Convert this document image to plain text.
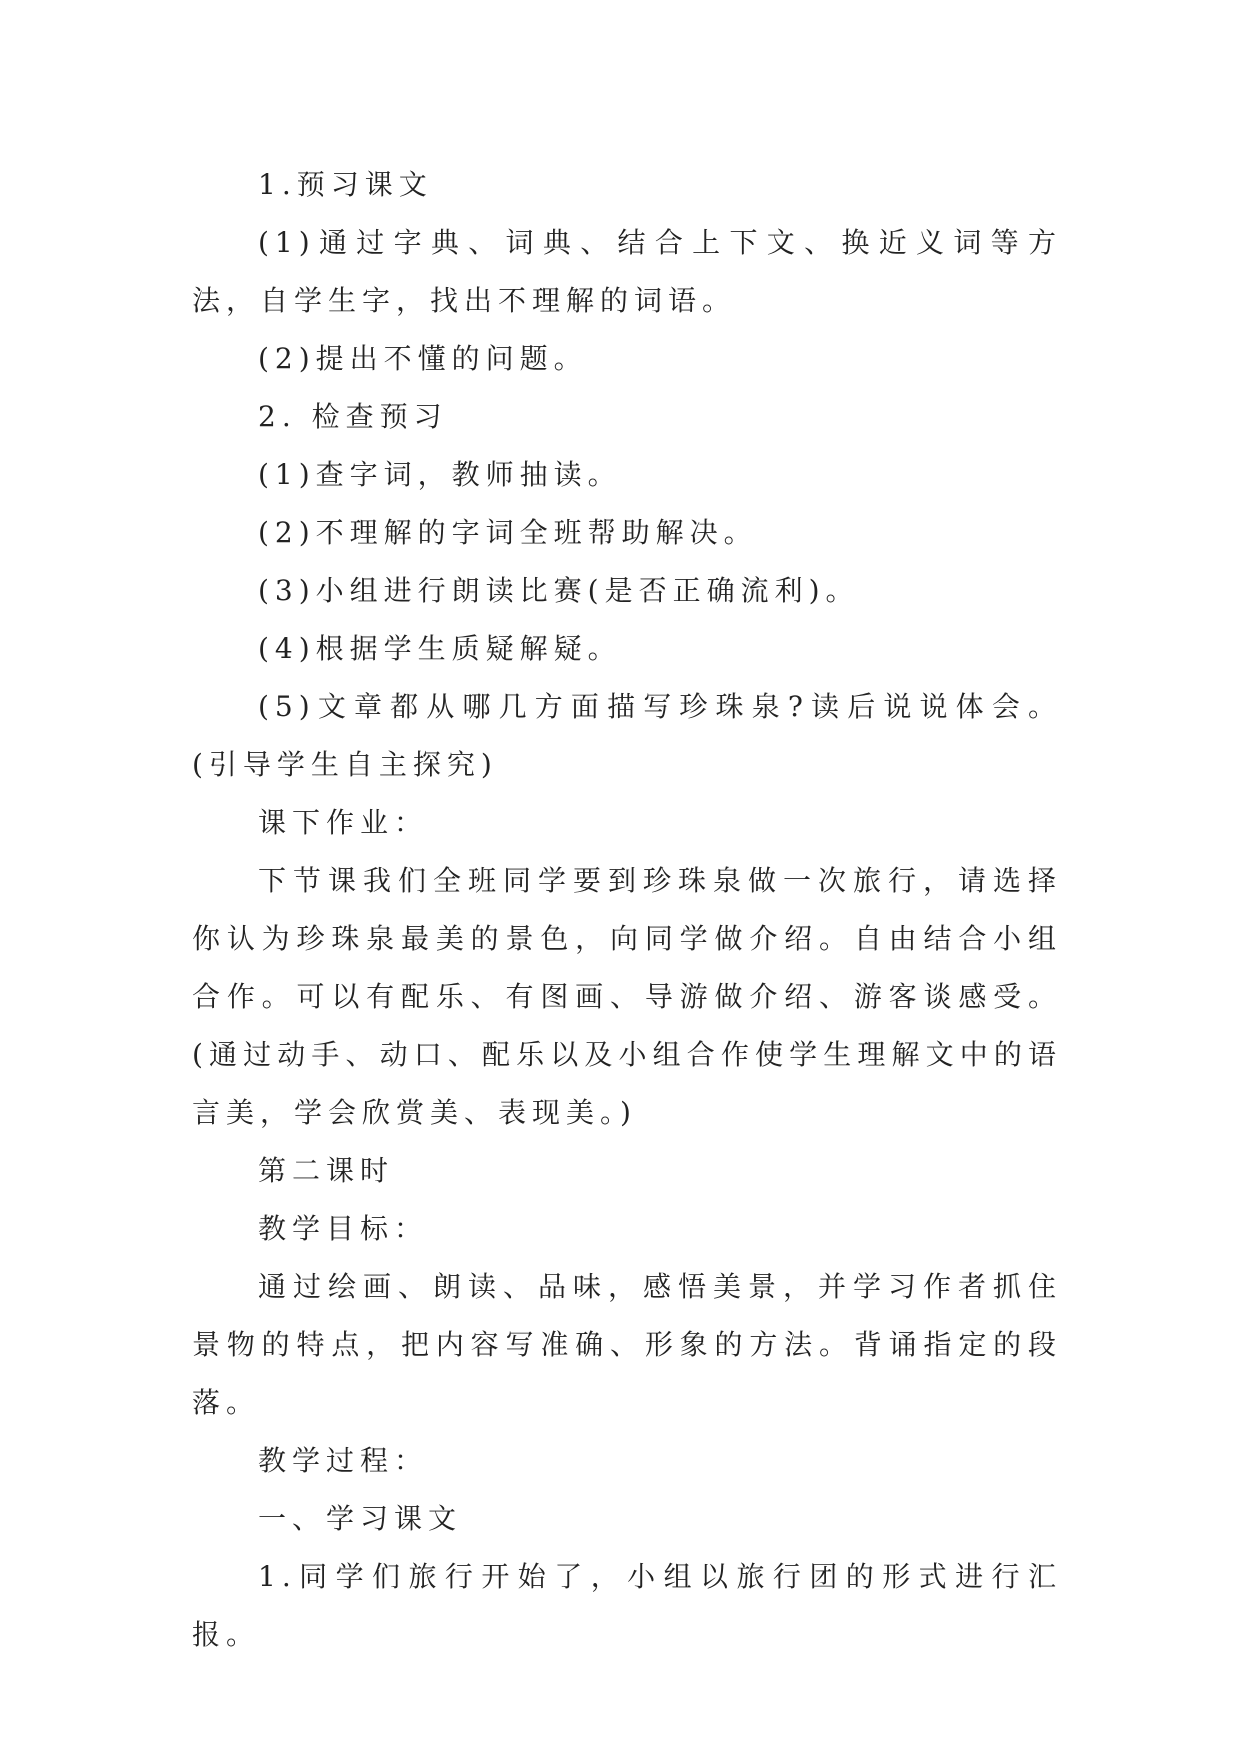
1.预习课文

(1)通过字典、词典、结合上下文、换近义词等方法，自学生字，找出不理解的词语。

(2)提出不懂的问题。

2. 检查预习

(1)查字词，教师抽读。

(2)不理解的字词全班帮助解决。

(3)小组进行朗读比赛(是否正确流利)。

(4)根据学生质疑解疑。

(5)文章都从哪几方面描写珍珠泉?读后说说体会。(引导学生自主探究)

课下作业：

下节课我们全班同学要到珍珠泉做一次旅行，请选择你认为珍珠泉最美的景色，向同学做介绍。自由结合小组合作。可以有配乐、有图画、导游做介绍、游客谈感受。(通过动手、动口、配乐以及小组合作使学生理解文中的语言美，学会欣赏美、表现美。)

第二课时

教学目标：

通过绘画、朗读、品味，感悟美景，并学习作者抓住景物的特点，把内容写准确、形象的方法。背诵指定的段落。

教学过程：

一、学习课文

1.同学们旅行开始了，小组以旅行团的形式进行汇报。
